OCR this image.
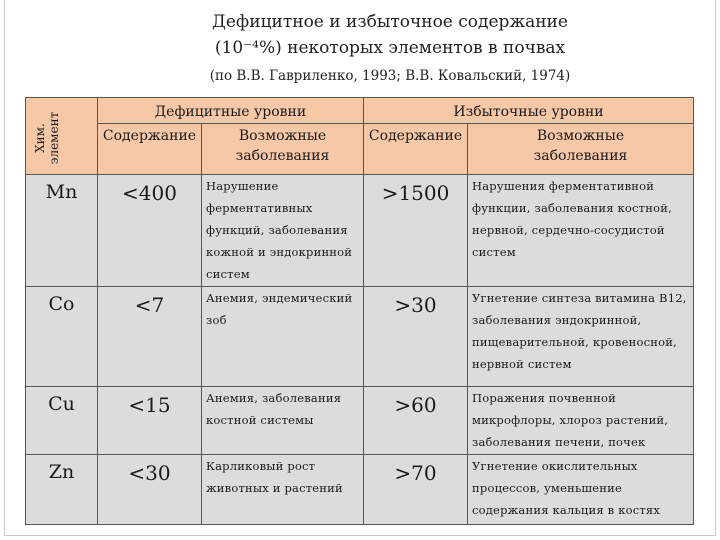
Дефицитное и избыточное содержание
(10⁻⁴%) некоторых элементов в почвах
(по В.В. Гавриленко, 1993; В.В. Ковальский, 1974)
Хим. элемент	Дефицитные уровни		Избыточные уровни	
	Содержание	Возможные заболевания	Содержание	Возможные заболевания
Mn	<400	Нарушение ферментативных функций, заболевания кожной и эндокринной систем	>1500	Нарушения ферментативной функции, заболевания костной, нервной, сердечно-сосудистой систем
Co	<7	Анемия, эндемический зоб	>30	Угнетение синтеза витамина В12, заболевания эндокринной, пищеварительной, кровеносной, нервной систем
Cu	<15	Анемия, заболевания костной системы	>60	Поражения почвенной микрофлоры, хлороз растений, заболевания печени, почек
Zn	<30	Карликовый рост животных и растений	>70	Угнетение окислительных процессов, уменьшение содержания кальция в костях
